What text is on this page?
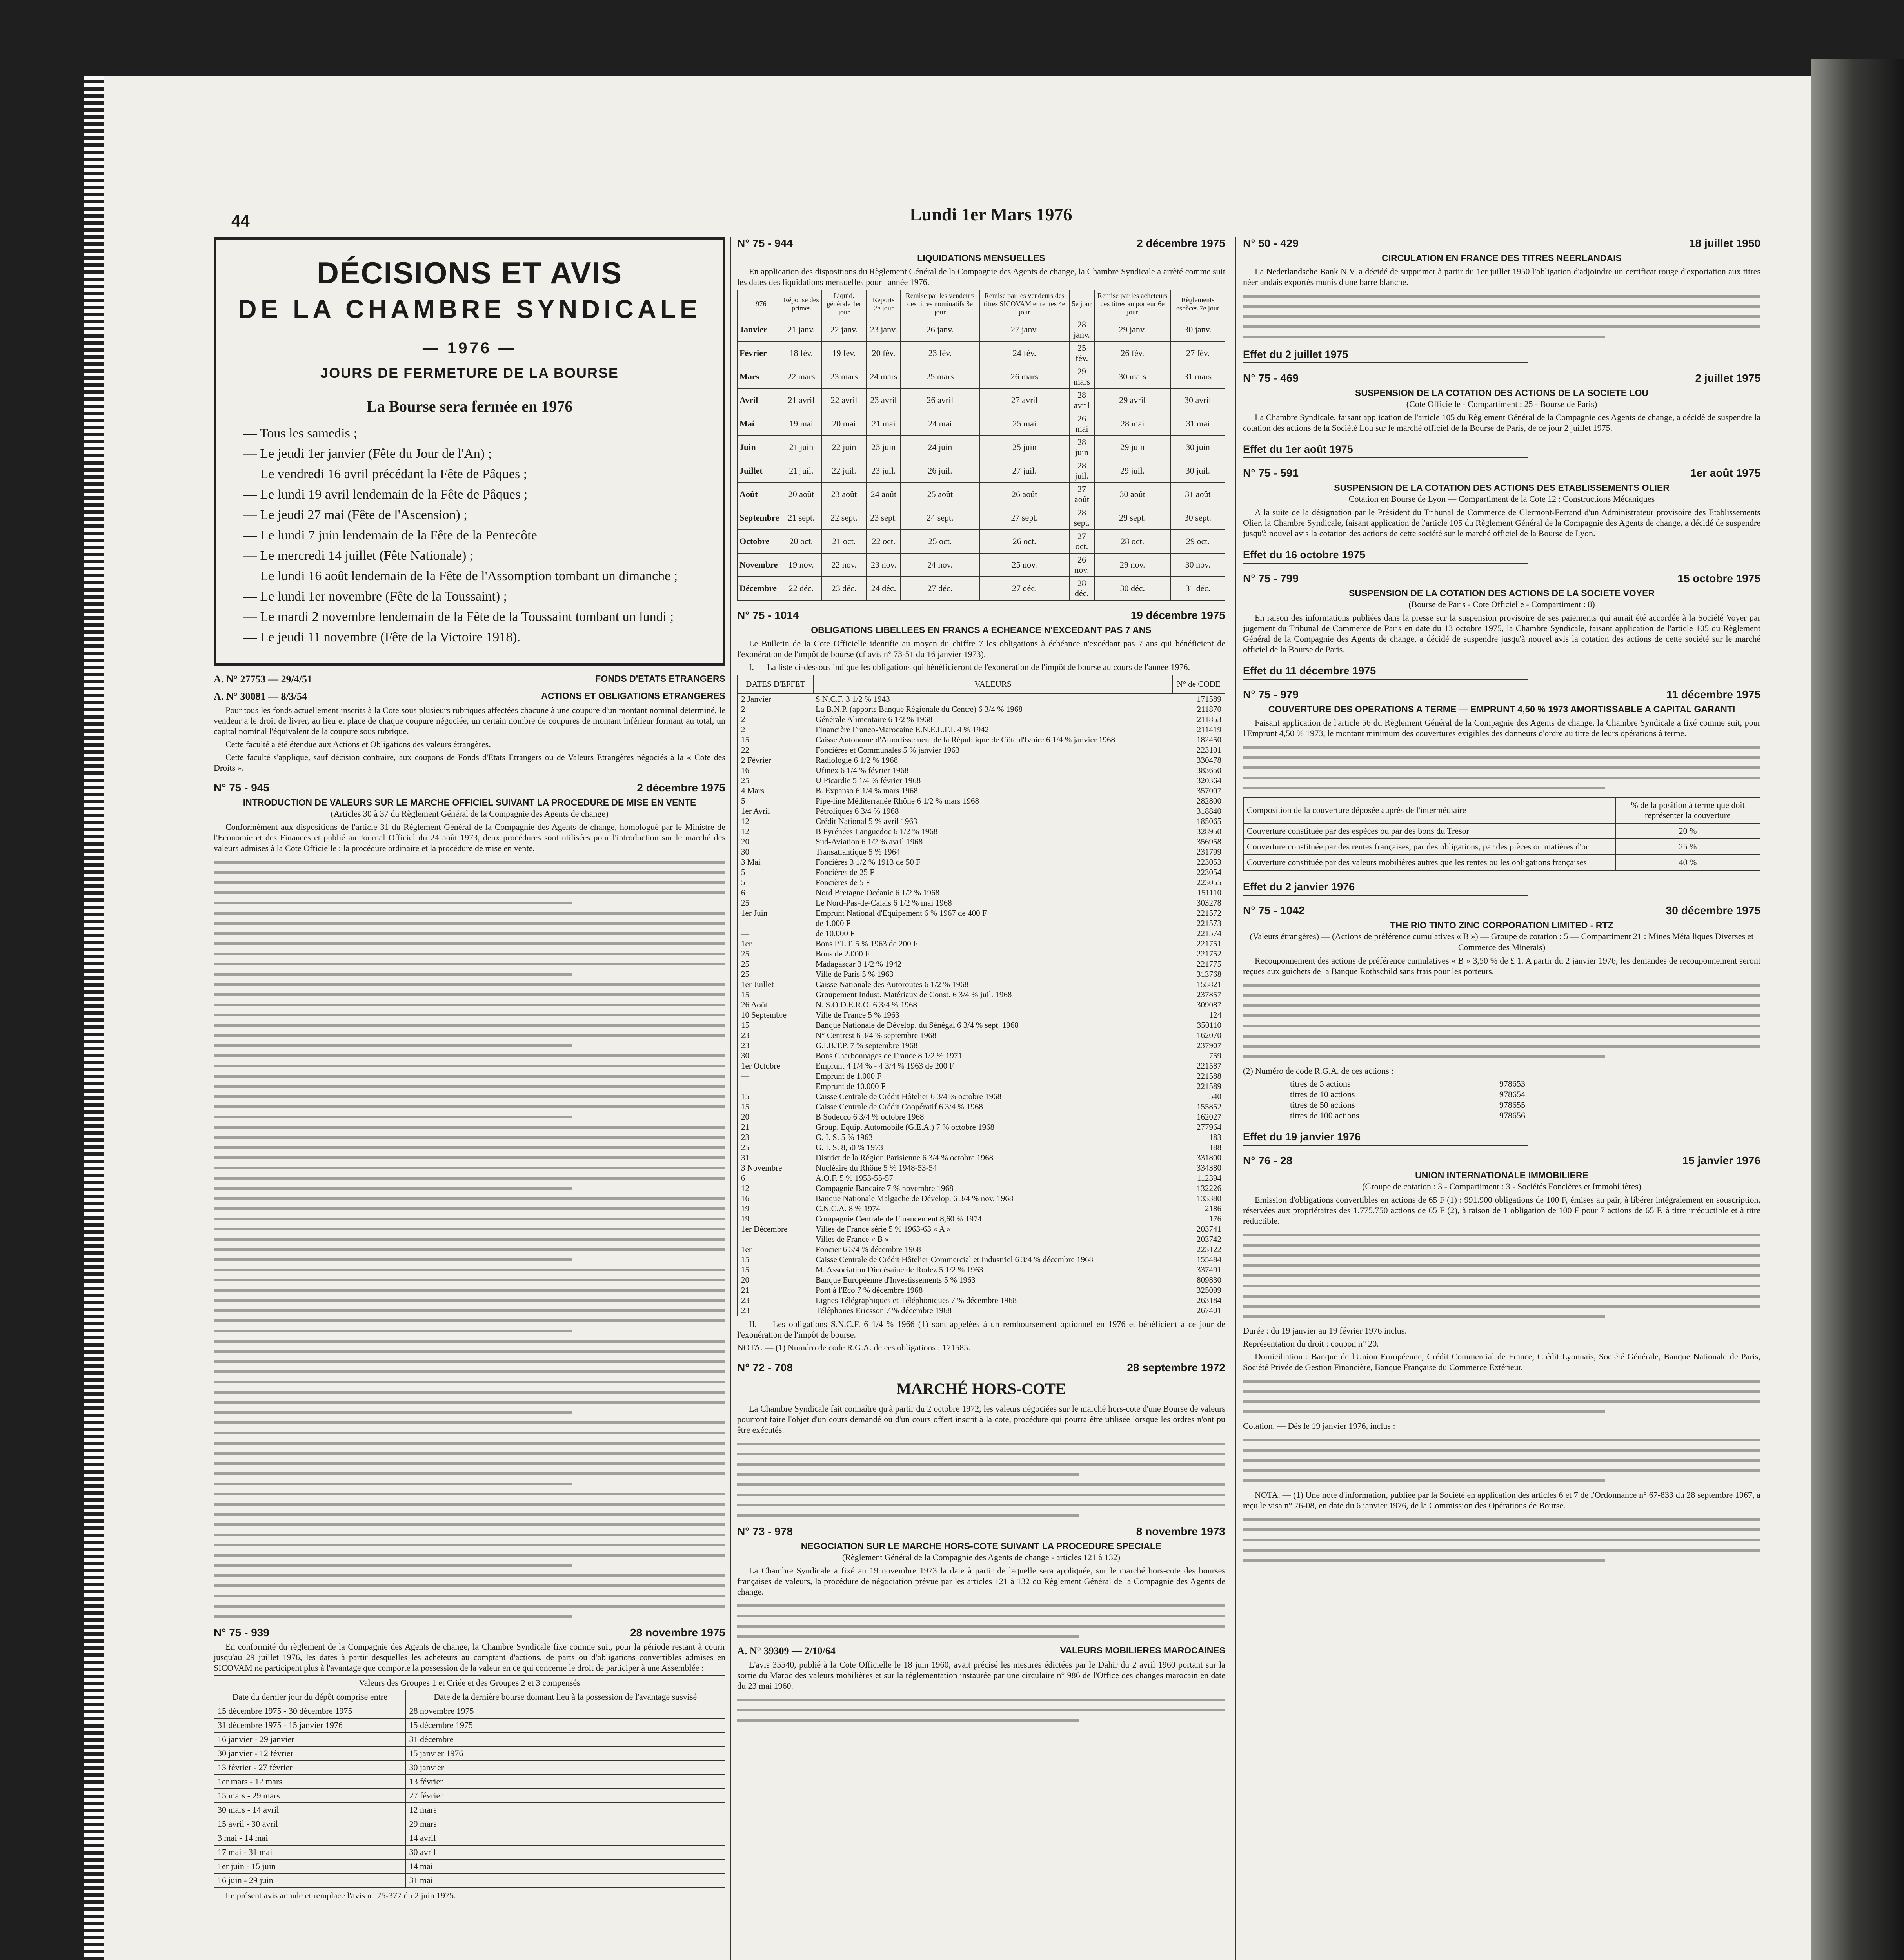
44	Lundi 1er Mars 1976
DÉCISIONS ET AVIS
DE LA CHAMBRE SYNDICALE
— 1976 —
JOURS DE FERMETURE DE LA BOURSE
La Bourse sera fermée en 1976
— Tous les samedis ;
— Le jeudi 1er janvier (Fête du Jour de l'An) ;
— Le vendredi 16 avril précédant la Fête de Pâques ;
— Le lundi 19 avril lendemain de la Fête de Pâques ;
— Le jeudi 27 mai (Fête de l'Ascension) ;
— Le lundi 7 juin lendemain de la Fête de la Pentecôte
— Le mercredi 14 juillet (Fête Nationale) ;
— Le lundi 16 août lendemain de la Fête de l'Assomption tombant un dimanche ;
— Le lundi 1er novembre (Fête de la Toussaint) ;
— Le mardi 2 novembre lendemain de la Fête de la Toussaint tombant un lundi ;
— Le jeudi 11 novembre (Fête de la Victoire 1918).
A. N° 27753 — 29/4/51	FONDS D'ETATS ETRANGERS
A. N° 30081 — 8/3/54	ACTIONS ET OBLIGATIONS ETRANGERES

Pour tous les fonds actuellement inscrits à la Cote sous plusieurs rubriques affectées chacune à une coupure d'un montant nominal déterminé, le vendeur a le droit de livrer, au lieu et place de chaque coupure négociée, un certain nombre de coupures de montant inférieur formant au total, un capital nominal l'équivalent de la coupure sous rubrique.

Cette faculté a été étendue aux Actions et Obligations des valeurs étrangères.

Cette faculté s'applique, sauf décision contraire, aux coupons de Fonds d'Etats Etrangers ou de Valeurs Etrangères négociés à la « Cote des Droits ».

N° 75 - 945	2 décembre 1975
INTRODUCTION DE VALEURS SUR LE MARCHE OFFICIEL SUIVANT LA PROCEDURE DE MISE EN VENTE
(Articles 30 à 37 du Règlement Général de la Compagnie des Agents de change)

Conformément aux dispositions de l'article 31 du Règlement Général de la Compagnie des Agents de change, homologué par le Ministre de l'Economie et des Finances et publié au Journal Officiel du 24 août 1973, deux procédures sont utilisées pour l'introduction sur le marché des valeurs admises à la Cote Officielle : la procédure ordinaire et la procédure de mise en vente.

N° 75 - 939	28 novembre 1975

En conformité du règlement de la Compagnie des Agents de change, la Chambre Syndicale fixe comme suit, pour la période restant à courir jusqu'au 29 juillet 1976, les dates à partir desquelles les acheteurs au comptant d'actions, de parts ou d'obligations convertibles admises en SICOVAM ne participent plus à l'avantage que comporte la possession de la valeur en ce qui concerne le droit de participer à une Assemblée :

Valeurs des Groupes 1 et Criée et des Groupes 2 et 3 compensés	
Date du dernier jour du dépôt comprise entre	Date de la dernière bourse donnant lieu à la possession de l'avantage susvisé
15 décembre 1975 - 30 décembre 1975	28 novembre 1975
31 décembre 1975 - 15 janvier 1976	15 décembre 1975
16 janvier - 29 janvier	31 décembre
30 janvier - 12 février	15 janvier 1976
13 février - 27 février	30 janvier
1er mars - 12 mars	13 février
15 mars - 29 mars	27 février
30 mars - 14 avril	12 mars
15 avril - 30 avril	29 mars
3 mai - 14 mai	14 avril
17 mai - 31 mai	30 avril
1er juin - 15 juin	14 mai
16 juin - 29 juin	31 mai

Le présent avis annule et remplace l'avis n° 75-377 du 2 juin 1975.

N° 75 - 944	2 décembre 1975
LIQUIDATIONS MENSUELLES

En application des dispositions du Règlement Général de la Compagnie des Agents de change, la Chambre Syndicale a arrêté comme suit les dates des liquidations mensuelles pour l'année 1976.

1976	Réponse des primes	Liquid. générale 1er jour	Reports 2e jour	Remise par les vendeurs des titres nominatifs 3e jour	Remise par les vendeurs des titres SICOVAM et rentes 4e jour	5e jour	Remise par les acheteurs des titres au porteur 6e jour	Règlements espèces 7e jour
Janvier	21 janv.	22 janv.	23 janv.	26 janv.	27 janv.	28 janv.	29 janv.	30 janv.
Février	18 fév.	19 fév.	20 fév.	23 fév.	24 fév.	25 fév.	26 fév.	27 fév.
Mars	22 mars	23 mars	24 mars	25 mars	26 mars	29 mars	30 mars	31 mars
Avril	21 avril	22 avril	23 avril	26 avril	27 avril	28 avril	29 avril	30 avril
Mai	19 mai	20 mai	21 mai	24 mai	25 mai	26 mai	28 mai	31 mai
Juin	21 juin	22 juin	23 juin	24 juin	25 juin	28 juin	29 juin	30 juin
Juillet	21 juil.	22 juil.	23 juil.	26 juil.	27 juil.	28 juil.	29 juil.	30 juil.
Août	20 août	23 août	24 août	25 août	26 août	27 août	30 août	31 août
Septembre	21 sept.	22 sept.	23 sept.	24 sept.	27 sept.	28 sept.	29 sept.	30 sept.
Octobre	20 oct.	21 oct.	22 oct.	25 oct.	26 oct.	27 oct.	28 oct.	29 oct.
Novembre	19 nov.	22 nov.	23 nov.	24 nov.	25 nov.	26 nov.	29 nov.	30 nov.
Décembre	22 déc.	23 déc.	24 déc.	27 déc.	27 déc.	28 déc.	30 déc.	31 déc.
N° 75 - 1014	19 décembre 1975
OBLIGATIONS LIBELLEES EN FRANCS A ECHEANCE N'EXCEDANT PAS 7 ANS

Le Bulletin de la Cote Officielle identifie au moyen du chiffre 7 les obligations à échéance n'excédant pas 7 ans qui bénéficient de l'exonération de l'impôt de bourse (cf avis n° 73-51 du 16 janvier 1973).

I. — La liste ci-dessous indique les obligations qui bénéficieront de l'exonération de l'impôt de bourse au cours de l'année 1976.

DATES D'EFFET	VALEURS	N° de CODE
2 Janvier	S.N.C.F. 3 1/2 % 1943	171589
2	La B.N.P. (apports Banque Régionale du Centre) 6 3/4 % 1968	211870
2	Générale Alimentaire 6 1/2 % 1968	211853
2	Financière Franco-Marocaine E.N.E.L.F.I. 4 % 1942	211419
15	Caisse Autonome d'Amortissement de la République de Côte d'Ivoire 6 1/4 % janvier 1968	182450
22	Foncières et Communales 5 % janvier 1963	223101
2 Février	Radiologie 6 1/2 % 1968	330478
16	Ufinex 6 1/4 % février 1968	383650
25	U Picardie 5 1/4 % février 1968	320364
4 Mars	B. Expanso 6 1/4 % mars 1968	357007
5	Pipe-line Méditerranée Rhône 6 1/2 % mars 1968	282800
1er Avril	Pétroliques 6 3/4 % 1968	318840
12	Crédit National 5 % avril 1963	185065
12	B Pyrénées Languedoc 6 1/2 % 1968	328950
20	Sud-Aviation 6 1/2 % avril 1968	356958
30	Transatlantique 5 % 1964	231799
3 Mai	Foncières 3 1/2 % 1913 de 50 F	223053
5	Foncières de 25 F	223054
5	Foncières de 5 F	223055
6	Nord Bretagne Océanic 6 1/2 % 1968	151110
25	Le Nord-Pas-de-Calais 6 1/2 % mai 1968	303278
1er Juin	Emprunt National d'Equipement 6 % 1967 de 400 F	221572
—	de 1.000 F	221573
—	de 10.000 F	221574
1er	Bons P.T.T. 5 % 1963 de 200 F	221751
25	Bons de 2.000 F	221752
25	Madagascar 3 1/2 % 1942	221775
25	Ville de Paris 5 % 1963	313768
1er Juillet	Caisse Nationale des Autoroutes 6 1/2 % 1968	155821
15	Groupement Indust. Matériaux de Const. 6 3/4 % juil. 1968	237857
26 Août	N. S.O.D.E.R.O. 6 3/4 % 1968	309087
10 Septembre	Ville de France 5 % 1963	124
15	Banque Nationale de Dévelop. du Sénégal 6 3/4 % sept. 1968	350110
23	N° Centrest 6 3/4 % septembre 1968	162070
23	G.I.B.T.P. 7 % septembre 1968	237907
30	Bons Charbonnages de France 8 1/2 % 1971	759
1er Octobre	Emprunt 4 1/4 % - 4 3/4 % 1963 de 200 F	221587
—	Emprunt de 1.000 F	221588
—	Emprunt de 10.000 F	221589
15	Caisse Centrale de Crédit Hôtelier 6 3/4 % octobre 1968	540
15	Caisse Centrale de Crédit Coopératif 6 3/4 % 1968	155852
20	B Sodecco 6 3/4 % octobre 1968	162027
21	Group. Equip. Automobile (G.E.A.) 7 % octobre 1968	277964
23	G. I. S. 5 % 1963	183
25	G. I. S. 8,50 % 1973	188
31	District de la Région Parisienne 6 3/4 % octobre 1968	331800
3 Novembre	Nucléaire du Rhône 5 % 1948-53-54	334380
6	A.O.F. 5 % 1953-55-57	112394
12	Compagnie Bancaire 7 % novembre 1968	132226
16	Banque Nationale Malgache de Dévelop. 6 3/4 % nov. 1968	133380
19	C.N.C.A. 8 % 1974	2186
19	Compagnie Centrale de Financement 8,60 % 1974	176
1er Décembre	Villes de France série 5 % 1963-63 « A »	203741
—	Villes de France « B »	203742
1er	Foncier 6 3/4 % décembre 1968	223122
15	Caisse Centrale de Crédit Hôtelier Commercial et Industriel 6 3/4 % décembre 1968	155484
15	M. Association Diocésaine de Rodez 5 1/2 % 1963	337491
20	Banque Européenne d'Investissements 5 % 1963	809830
21	Pont à l'Eco 7 % décembre 1968	325099
23	Lignes Télégraphiques et Téléphoniques 7 % décembre 1968	263184
23	Téléphones Ericsson 7 % décembre 1968	267401

II. — Les obligations S.N.C.F. 6 1/4 % 1966 (1) sont appelées à un remboursement optionnel en 1976 et bénéficient à ce jour de l'exonération de l'impôt de bourse.

NOTA. — (1) Numéro de code R.G.A. de ces obligations : 171585.

N° 72 - 708	28 septembre 1972
MARCHÉ HORS-COTE

La Chambre Syndicale fait connaître qu'à partir du 2 octobre 1972, les valeurs négociées sur le marché hors-cote d'une Bourse de valeurs pourront faire l'objet d'un cours demandé ou d'un cours offert inscrit à la cote, procédure qui pourra être utilisée lorsque les ordres n'ont pu être exécutés.

N° 73 - 978	8 novembre 1973
NEGOCIATION SUR LE MARCHE HORS-COTE SUIVANT LA PROCEDURE SPECIALE
(Règlement Général de la Compagnie des Agents de change - articles 121 à 132)

La Chambre Syndicale a fixé au 19 novembre 1973 la date à partir de laquelle sera appliquée, sur le marché hors-cote des bourses françaises de valeurs, la procédure de négociation prévue par les articles 121 à 132 du Règlement Général de la Compagnie des Agents de change.

A. N° 39309 — 2/10/64	VALEURS MOBILIERES MAROCAINES

L'avis 35540, publié à la Cote Officielle le 18 juin 1960, avait précisé les mesures édictées par le Dahir du 2 avril 1960 portant sur la sortie du Maroc des valeurs mobilières et sur la réglementation instaurée par une circulaire n° 986 de l'Office des changes marocain en date du 23 mai 1960.

N° 50 - 429	18 juillet 1950
CIRCULATION EN FRANCE DES TITRES NEERLANDAIS

La Nederlandsche Bank N.V. a décidé de supprimer à partir du 1er juillet 1950 l'obligation d'adjoindre un certificat rouge d'exportation aux titres néerlandais exportés munis d'une barre blanche.

Effet du 2 juillet 1975
N° 75 - 469	2 juillet 1975
SUSPENSION DE LA COTATION DES ACTIONS DE LA SOCIETE LOU
(Cote Officielle - Compartiment : 25 - Bourse de Paris)

La Chambre Syndicale, faisant application de l'article 105 du Règlement Général de la Compagnie des Agents de change, a décidé de suspendre la cotation des actions de la Société Lou sur le marché officiel de la Bourse de Paris, de ce jour 2 juillet 1975.

Effet du 1er août 1975
N° 75 - 591	1er août 1975
SUSPENSION DE LA COTATION DES ACTIONS DES ETABLISSEMENTS OLIER
Cotation en Bourse de Lyon — Compartiment de la Cote 12 : Constructions Mécaniques

A la suite de la désignation par le Président du Tribunal de Commerce de Clermont-Ferrand d'un Administrateur provisoire des Etablissements Olier, la Chambre Syndicale, faisant application de l'article 105 du Règlement Général de la Compagnie des Agents de change, a décidé de suspendre jusqu'à nouvel avis la cotation des actions de cette société sur le marché officiel de la Bourse de Lyon.

Effet du 16 octobre 1975
N° 75 - 799	15 octobre 1975
SUSPENSION DE LA COTATION DES ACTIONS DE LA SOCIETE VOYER
(Bourse de Paris - Cote Officielle - Compartiment : 8)

En raison des informations publiées dans la presse sur la suspension provisoire de ses paiements qui aurait été accordée à la Société Voyer par jugement du Tribunal de Commerce de Paris en date du 13 octobre 1975, la Chambre Syndicale, faisant application de l'article 105 du Règlement Général de la Compagnie des Agents de change, a décidé de suspendre jusqu'à nouvel avis la cotation des actions de cette société sur le marché officiel de la Bourse de Paris.

Effet du 11 décembre 1975
N° 75 - 979	11 décembre 1975
COUVERTURE DES OPERATIONS A TERME — EMPRUNT 4,50 % 1973 AMORTISSABLE A CAPITAL GARANTI

Faisant application de l'article 56 du Règlement Général de la Compagnie des Agents de change, la Chambre Syndicale a fixé comme suit, pour l'Emprunt 4,50 % 1973, le montant minimum des couvertures exigibles des donneurs d'ordre au titre de leurs opérations à terme.

Composition de la couverture déposée auprès de l'intermédiaire	% de la position à terme que doit représenter la couverture
Couverture constituée par des espèces ou par des bons du Trésor	20 %
Couverture constituée par des rentes françaises, par des obligations, par des pièces ou matières d'or	25 %
Couverture constituée par des valeurs mobilières autres que les rentes ou les obligations françaises	40 %
Effet du 2 janvier 1976
N° 75 - 1042	30 décembre 1975
THE RIO TINTO ZINC CORPORATION LIMITED - RTZ
(Valeurs étrangères) — (Actions de préférence cumulatives « B ») — Groupe de cotation : 5 — Compartiment 21 : Mines Métalliques Diverses et Commerce des Minerais)

Recouponnement des actions de préférence cumulatives « B » 3,50 % de £ 1. A partir du 2 janvier 1976, les demandes de recouponnement seront reçues aux guichets de la Banque Rothschild sans frais pour les porteurs.

(2) Numéro de code R.G.A. de ces actions :

titres de 5 actions	978653
titres de 10 actions	978654
titres de 50 actions	978655
titres de 100 actions	978656
Effet du 19 janvier 1976
N° 76 - 28	15 janvier 1976
UNION INTERNATIONALE IMMOBILIERE
(Groupe de cotation : 3 - Compartiment : 3 - Sociétés Foncières et Immobilières)

Emission d'obligations convertibles en actions de 65 F (1) : 991.900 obligations de 100 F, émises au pair, à libérer intégralement en souscription, réservées aux propriétaires des 1.775.750 actions de 65 F (2), à raison de 1 obligation de 100 F pour 7 actions de 65 F, à titre irréductible et à titre réductible.

Durée : du 19 janvier au 19 février 1976 inclus.

Représentation du droit : coupon n° 20.

Domiciliation : Banque de l'Union Européenne, Crédit Commercial de France, Crédit Lyonnais, Société Générale, Banque Nationale de Paris, Société Privée de Gestion Financière, Banque Française du Commerce Extérieur.

Cotation. — Dès le 19 janvier 1976, inclus :

NOTA. — (1) Une note d'information, publiée par la Société en application des articles 6 et 7 de l'Ordonnance n° 67-833 du 28 septembre 1967, a reçu le visa n° 76-08, en date du 6 janvier 1976, de la Commission des Opérations de Bourse.
